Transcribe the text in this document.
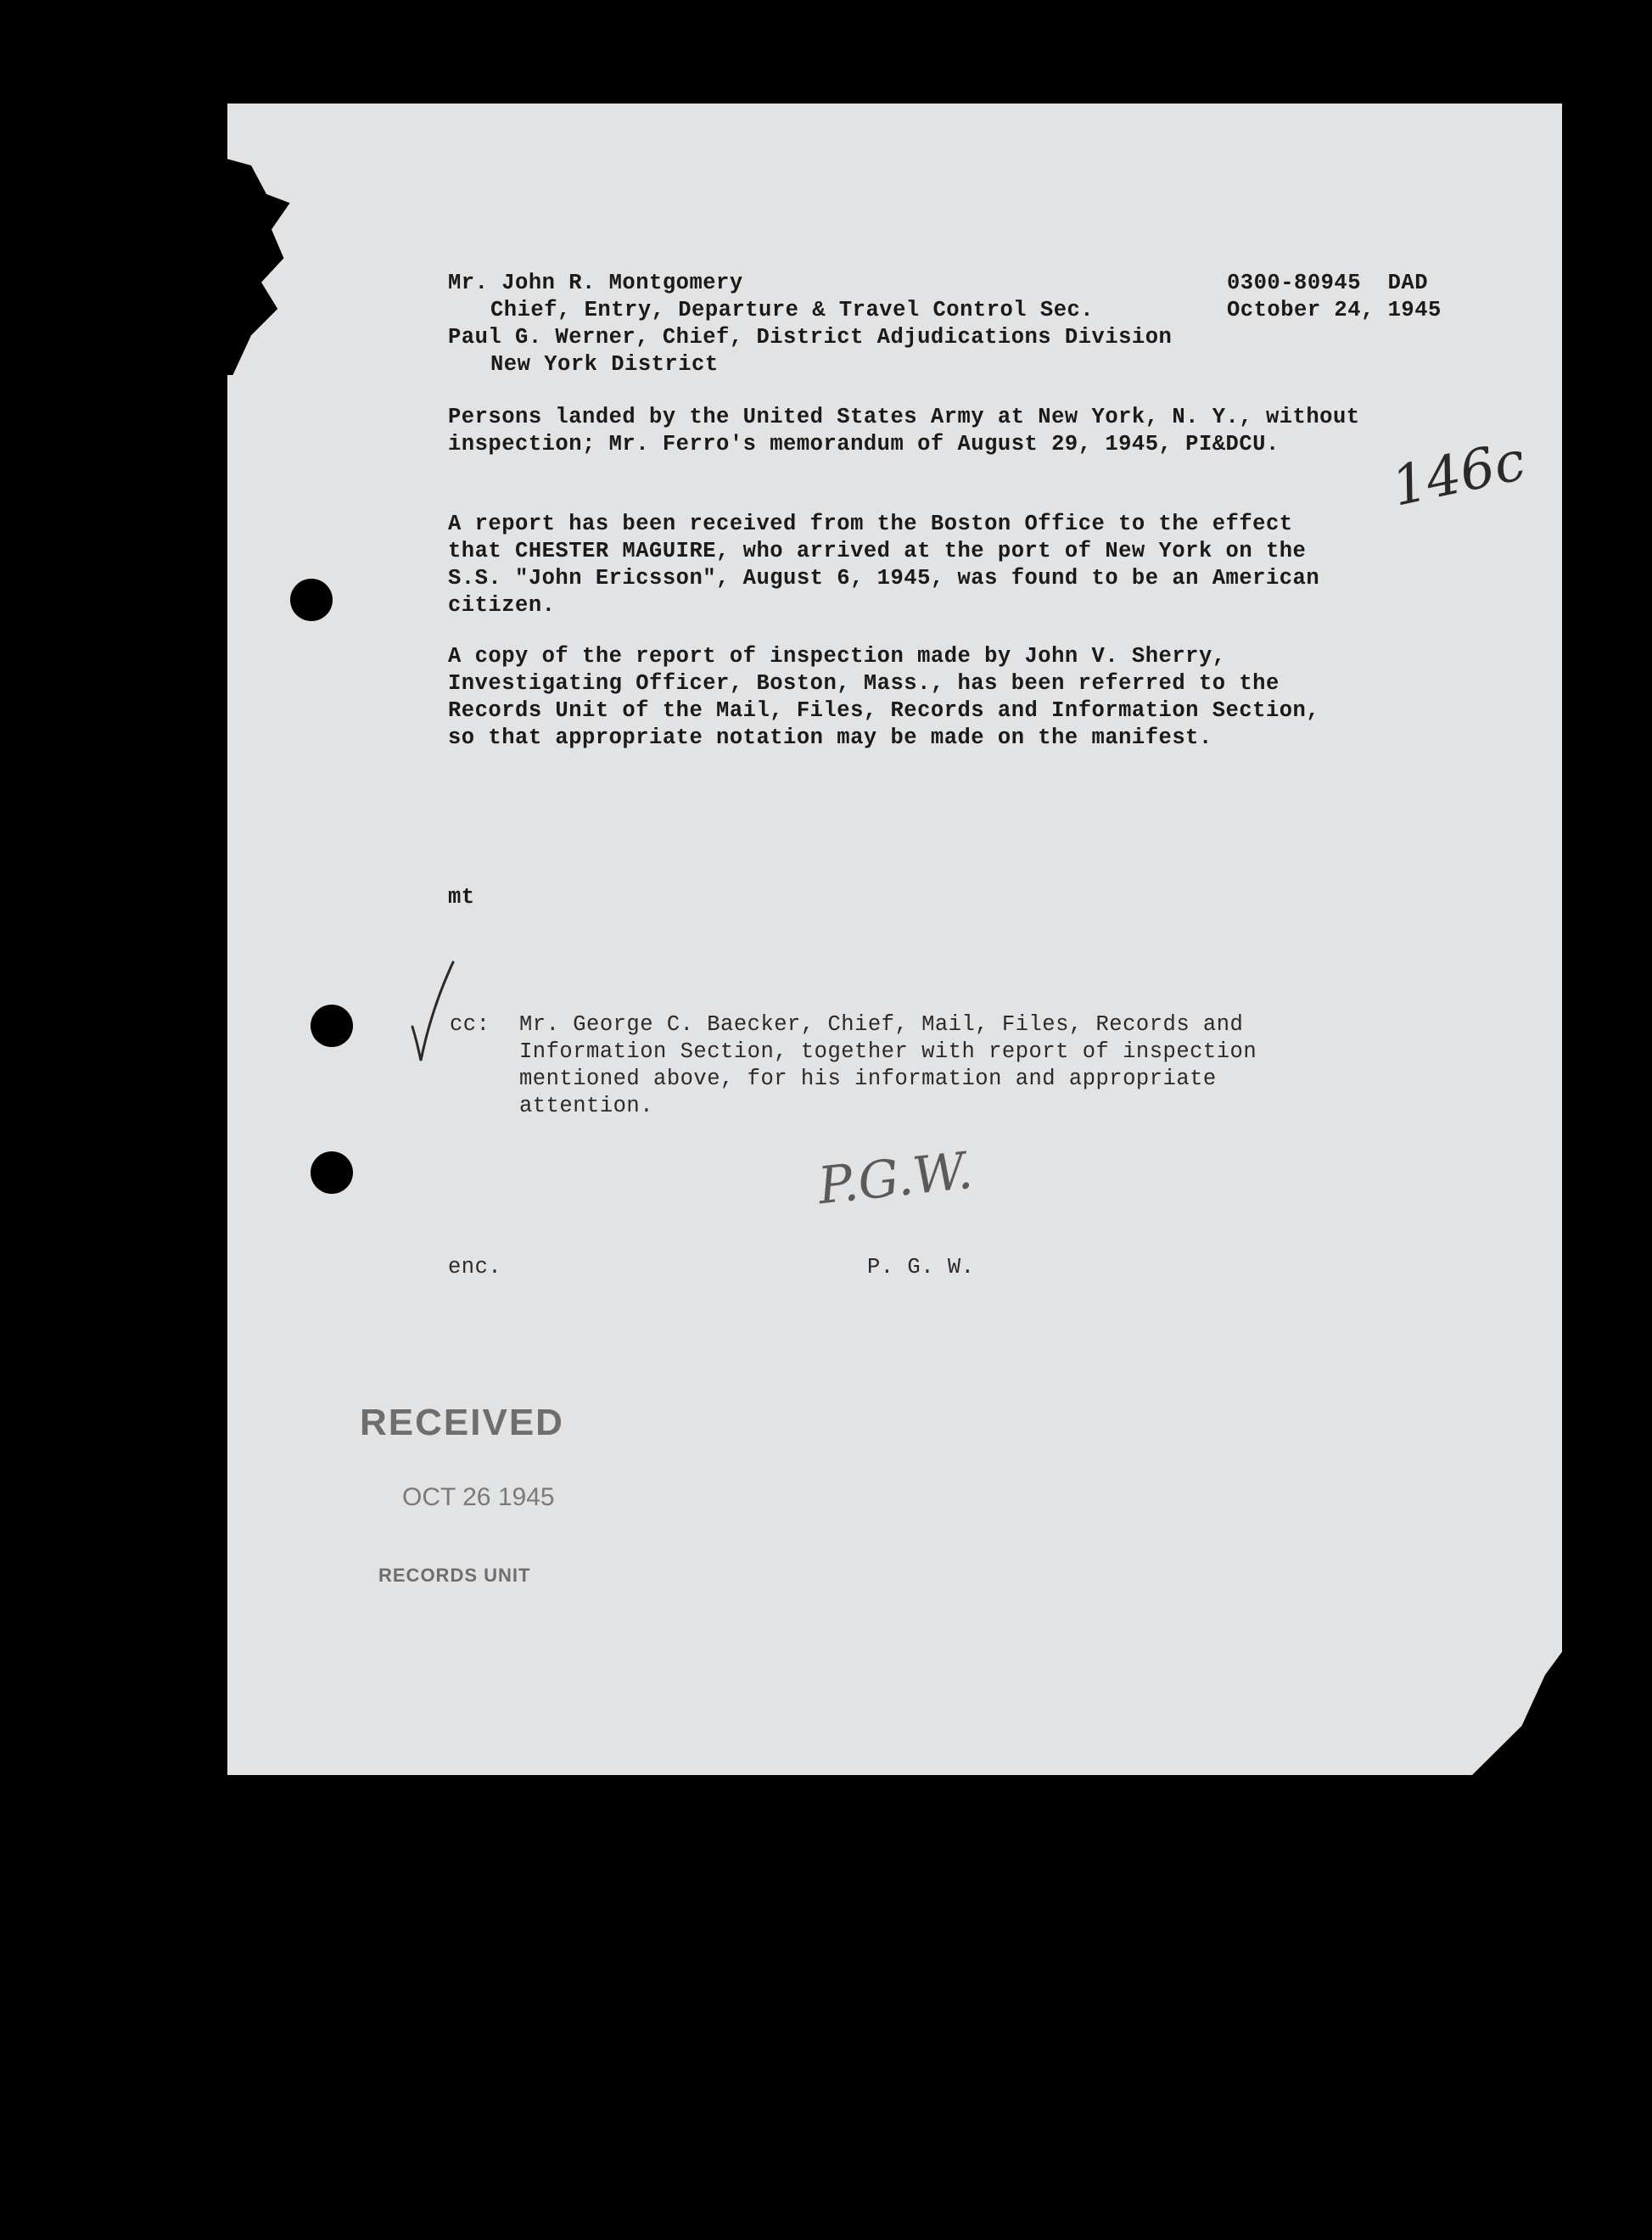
Mr. John R. Montgomery
Chief, Entry, Departure & Travel Control Sec.
Paul G. Werner, Chief, District Adjudications Division
New York District
0300-80945  DAD
October 24, 1945
Persons landed by the United States Army at New York, N. Y., without
inspection; Mr. Ferro's memorandum of August 29, 1945, PI&DCU. 146c
A report has been received from the Boston Office to the effect
that CHESTER MAGUIRE, who arrived at the port of New York on the
S.S. "John Ericsson", August 6, 1945, was found to be an American
citizen.
A copy of the report of inspection made by John V. Sherry,
Investigating Officer, Boston, Mass., has been referred to the
Records Unit of the Mail, Files, Records and Information Section,
so that appropriate notation may be made on the manifest.
mt
cc: Mr. George C. Baecker, Chief, Mail, Files, Records and
Information Section, together with report of inspection
mentioned above, for his information and appropriate
attention.
P.G.W.
enc.	P. G. W.
RECEIVED
OCT 26 1945
RECORDS UNIT
